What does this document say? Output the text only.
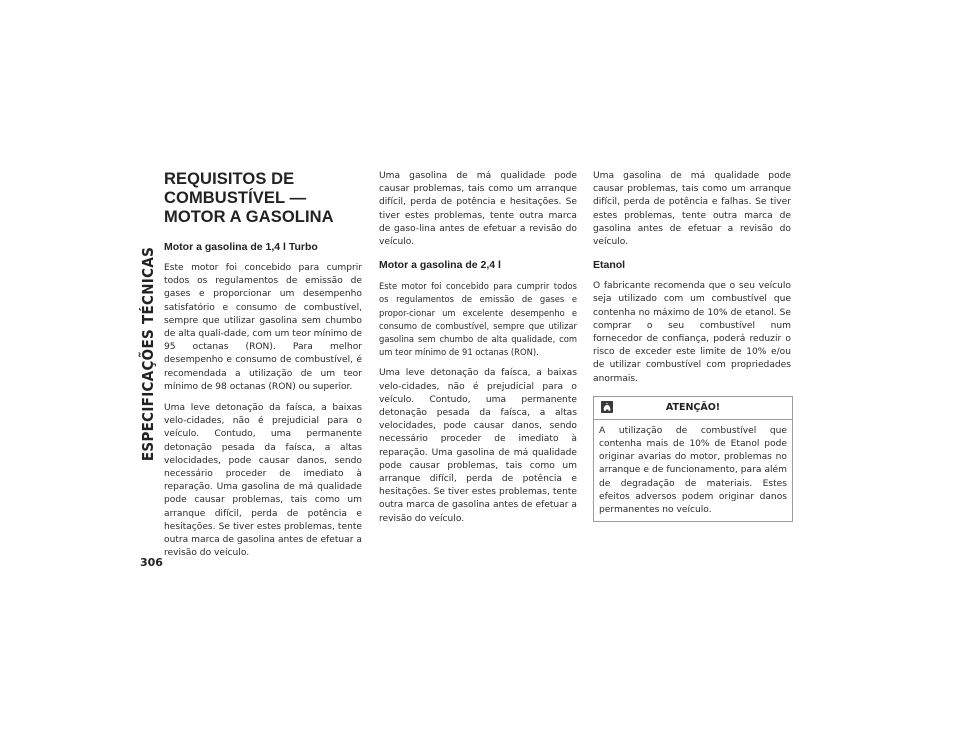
ESPECIFICAÇÕES TÉCNICAS
306
REQUISITOS DE COMBUSTÍVEL — MOTOR A GASOLINA
Motor a gasolina de 1,4 l Turbo

Este motor foi concebido para cumprir todos os regulamentos de emissão de gases e proporcionar um desempenho satisfatório e consumo de combustível, sempre que utilizar gasolina sem chumbo de alta quali-dade, com um teor mínimo de 95 octanas (RON). Para melhor desempenho e consumo de combustível, é recomendada a utilização de um teor mínimo de 98 octanas (RON) ou superior.

Uma leve detonação da faísca, a baixas velo-cidades, não é prejudicial para o veículo. Contudo, uma permanente detonação pesada da faísca, a altas velocidades, pode causar danos, sendo necessário proceder de imediato à reparação. Uma gasolina de má qualidade pode causar problemas, tais como um arranque difícil, perda de potência e hesitações. Se tiver estes problemas, tente outra marca de gasolina antes de efetuar a revisão do veículo.

Uma gasolina de má qualidade pode causar problemas, tais como um arranque difícil, perda de potência e hesitações. Se tiver estes problemas, tente outra marca de gaso-lina antes de efetuar a revisão do veículo.

Motor a gasolina de 2,4 l

Este motor foi concebido para cumprir todos os regulamentos de emissão de gases e propor-cionar um excelente desempenho e consumo de combustível, sempre que utilizar gasolina sem chumbo de alta qualidade, com um teor mínimo de 91 octanas (RON).

Uma leve detonação da faísca, a baixas velo-cidades, não é prejudicial para o veículo. Contudo, uma permanente detonação pesada da faísca, a altas velocidades, pode causar danos, sendo necessário proceder de imediato à reparação. Uma gasolina de má qualidade pode causar problemas, tais como um arranque difícil, perda de potência e hesitações. Se tiver estes problemas, tente outra marca de gasolina antes de efetuar a revisão do veículo.

Uma gasolina de má qualidade pode causar problemas, tais como um arranque difícil, perda de potência e falhas. Se tiver estes problemas, tente outra marca de gasolina antes de efetuar a revisão do veículo.

Etanol

O fabricante recomenda que o seu veículo seja utilizado com um combustível que contenha no máximo de 10% de etanol. Se comprar o seu combustível num fornecedor de confiança, poderá reduzir o risco de exceder este limite de 10% e/ou de utilizar combustível com propriedades anormais.

ATENÇÃO!

A utilização de combustível que contenha mais de 10% de Etanol pode originar avarias do motor, problemas no arranque e de funcionamento, para além de degradação de materiais. Estes efeitos adversos podem originar danos permanentes no veículo.
